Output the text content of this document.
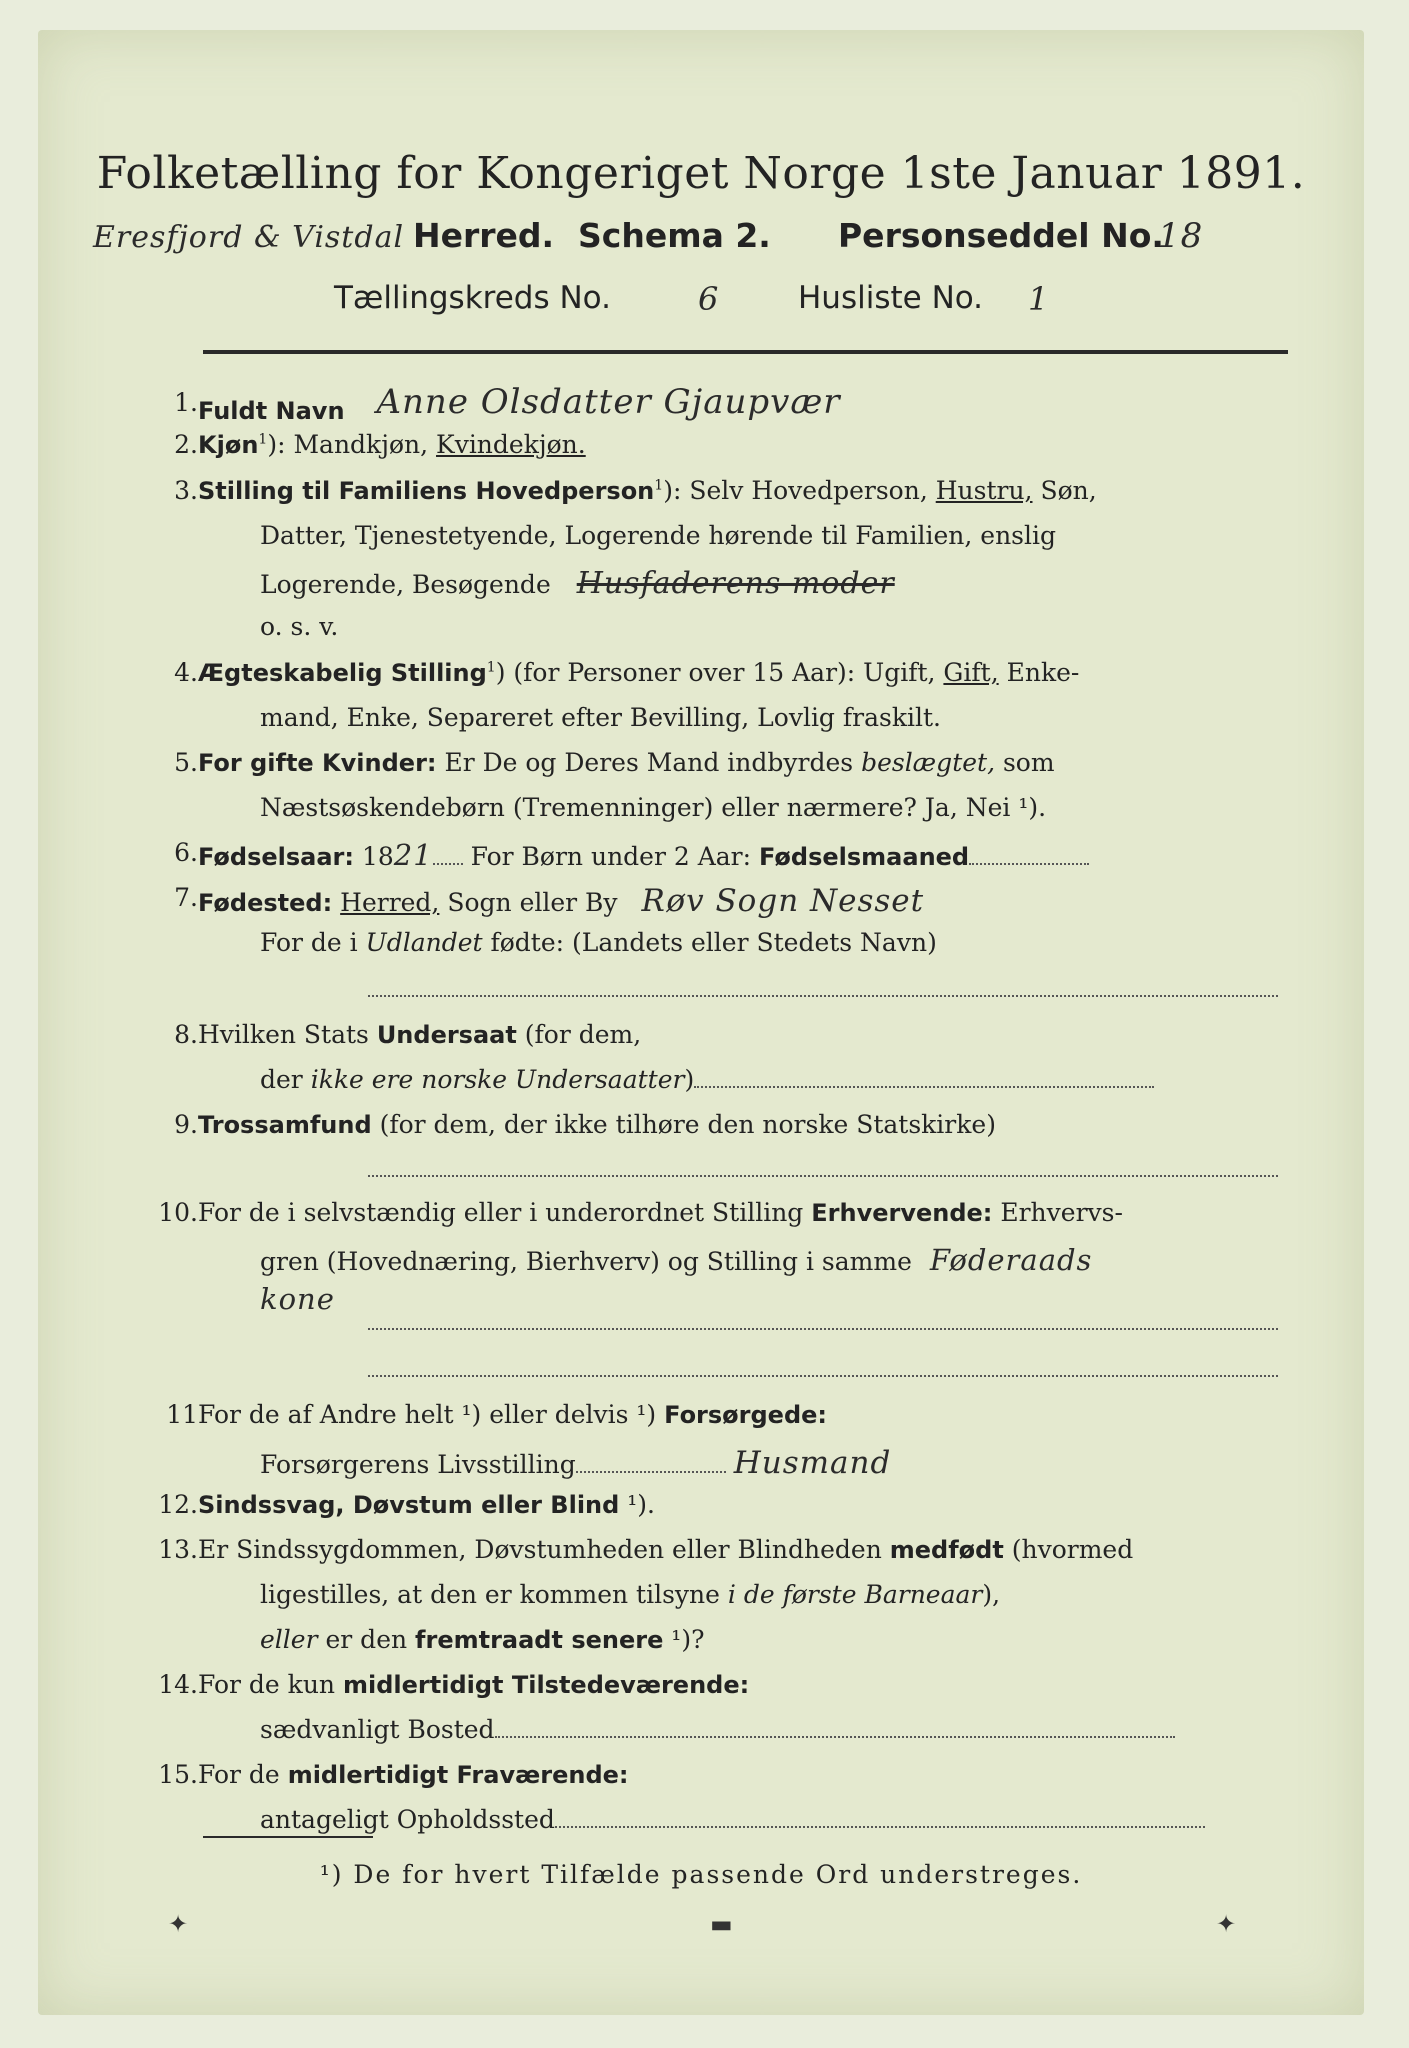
Folketælling for Kongeriget Norge 1ste Januar 1891.
Eresfjord & Vistdal Herred. Schema 2. Personseddel No.
18
Tællingskreds No.	6	Husliste No. 1
1. Fuldt Navn Anne Olsdatter Gjaupvær
2. Kjøn$^1$): Mandkjøn, Kvindekjøn.
3. Stilling til Familiens Hovedperson$^1$): Selv Hovedperson, Hustru, Søn,
Datter, Tjenestetyende, Logerende hørende til Familien, enslig
Logerende, Besøgende Husfaderens moder
o. s. v.
4. Ægteskabelig Stilling$^1$) (for Personer over 15 Aar): Ugift, Gift, Enke-
mand, Enke, Separeret efter Bevilling, Lovlig fraskilt.
5. For gifte Kvinder: Er De og Deres Mand indbyrdes beslægtet, som
Næstsøskendebørn (Tremenninger) eller nærmere? Ja, Nei ¹).
6. Fødselsaar: 1821 For Børn under 2 Aar: Fødselsmaaned
7. Fødested: Herred, Sogn eller By Røv Sogn Nesset
For de i Udlandet fødte: (Landets eller Stedets Navn)
8. Hvilken Stats Undersaat (for dem,
der ikke ere norske Undersaatter)
9. Trossamfund (for dem, der ikke tilhøre den norske Statskirke)
10. For de i selvstændig eller i underordnet Stilling Erhvervende: Erhvervs-
gren (Hovednæring, Bierhverv) og Stilling i samme Føderaads
kone
11 For de af Andre helt ¹) eller delvis ¹) Forsørgede:
Forsørgerens Livsstilling	Husmand
12. Sindssvag, Døvstum eller Blind ¹).
13. Er Sindssygdommen, Døvstumheden eller Blindheden medfødt (hvormed
ligestilles, at den er kommen tilsyne i de første Barneaar),
eller er den fremtraadt senere ¹)?
14. For de kun midlertidigt Tilstedeværende:
sædvanligt Bosted
15. For de midlertidigt Fraværende:
antageligt Opholdssted
¹) De for hvert Tilfælde passende Ord understreges.
✦	▬	✦
